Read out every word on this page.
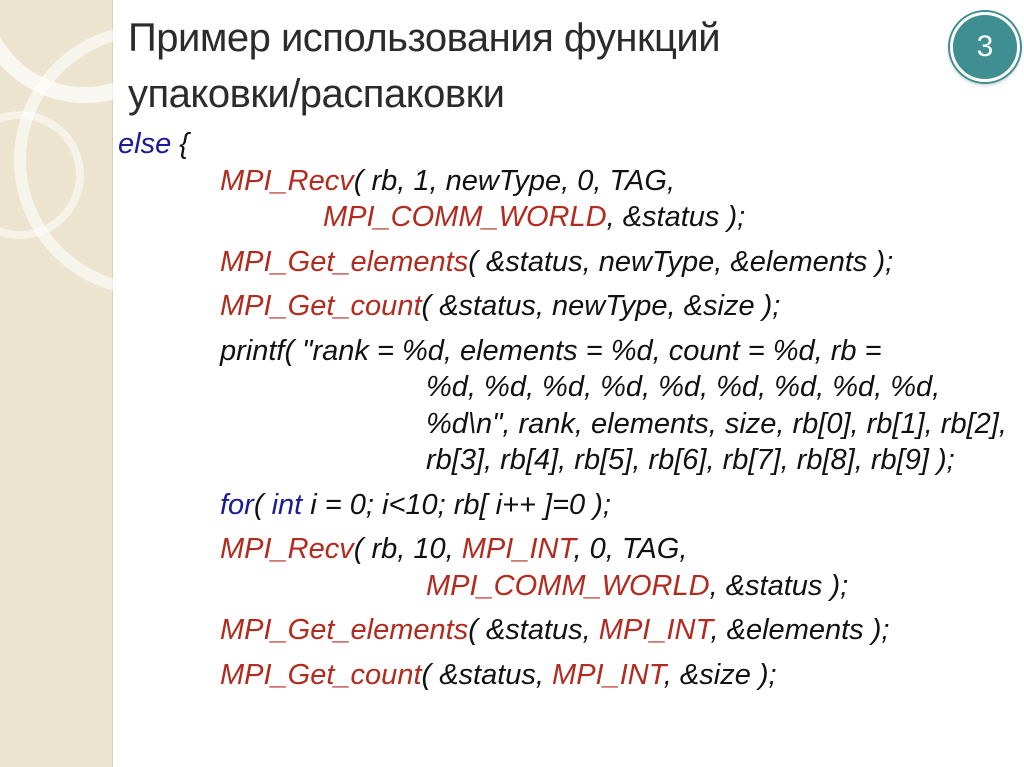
Пример использования функций
упаковки/распаковки
3
else {
MPI_Recv( rb, 1, newType, 0, TAG,
MPI_COMM_WORLD, &status );
MPI_Get_elements( &status, newType, &elements );
MPI_Get_count( &status, newType, &size );
printf( "rank = %d, elements = %d, count = %d, rb =
%d, %d, %d, %d, %d, %d, %d, %d, %d,
%d\n", rank, elements, size, rb[0], rb[1], rb[2],
rb[3], rb[4], rb[5], rb[6], rb[7], rb[8], rb[9] );
for( int i = 0; i<10; rb[ i++ ]=0 );
MPI_Recv( rb, 10, MPI_INT, 0, TAG,
MPI_COMM_WORLD, &status );
MPI_Get_elements( &status, MPI_INT, &elements );
MPI_Get_count( &status, MPI_INT, &size );
